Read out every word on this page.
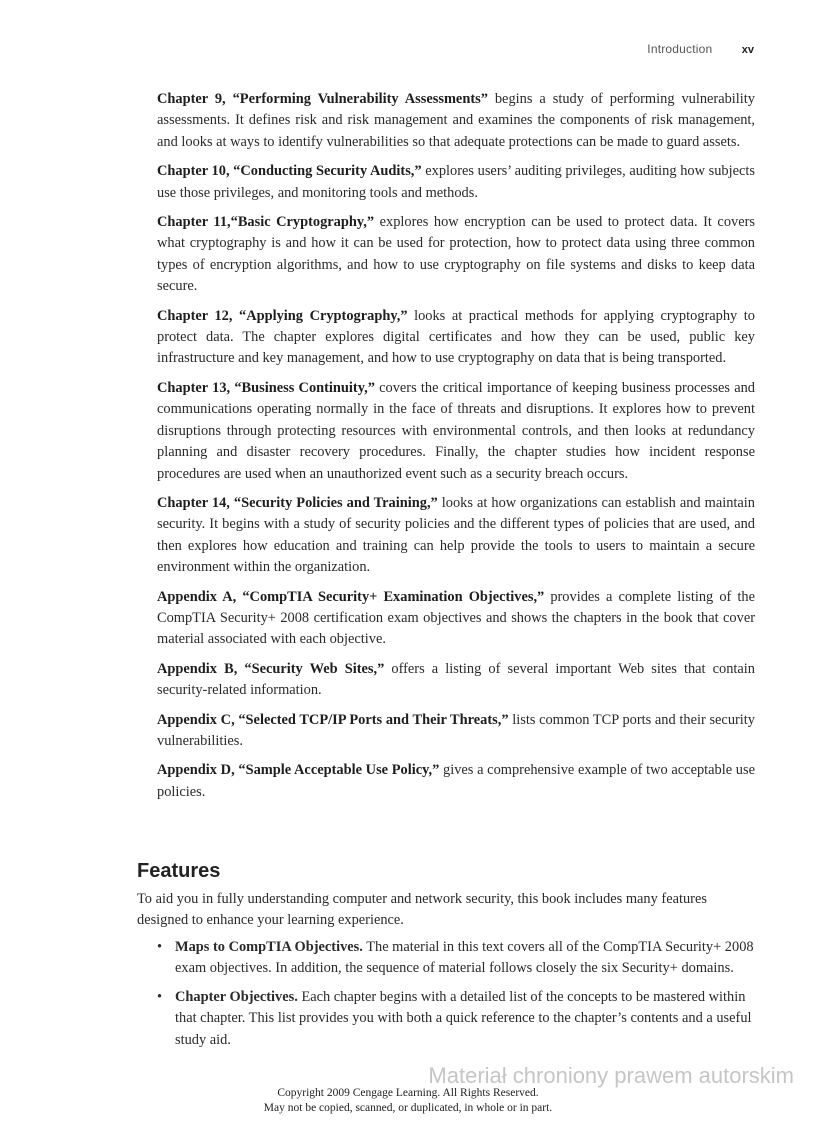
Introduction	xv

Chapter 9, “Performing Vulnerability Assessments” begins a study of performing vulnerability assessments. It defines risk and risk management and examines the components of risk management, and looks at ways to identify vulnerabilities so that adequate protections can be made to guard assets.

Chapter 10, “Conducting Security Audits,” explores users’ auditing privileges, auditing how subjects use those privileges, and monitoring tools and methods.

Chapter 11,“Basic Cryptography,” explores how encryption can be used to protect data. It covers what cryptography is and how it can be used for protection, how to protect data using three common types of encryption algorithms, and how to use cryptography on file systems and disks to keep data secure.

Chapter 12, “Applying Cryptography,” looks at practical methods for applying cryptography to protect data. The chapter explores digital certificates and how they can be used, public key infrastructure and key management, and how to use cryptography on data that is being transported.

Chapter 13, “Business Continuity,” covers the critical importance of keeping business processes and communications operating normally in the face of threats and disruptions. It explores how to prevent disruptions through protecting resources with environmental controls, and then looks at redundancy planning and disaster recovery procedures. Finally, the chapter studies how incident response procedures are used when an unauthorized event such as a security breach occurs.

Chapter 14, “Security Policies and Training,” looks at how organizations can establish and maintain security. It begins with a study of security policies and the different types of policies that are used, and then explores how education and training can help provide the tools to users to maintain a secure environment within the organization.

Appendix A, “CompTIA Security+ Examination Objectives,” provides a complete listing of the CompTIA Security+ 2008 certification exam objectives and shows the chapters in the book that cover material associated with each objective.

Appendix B, “Security Web Sites,” offers a listing of several important Web sites that contain security-related information.

Appendix C, “Selected TCP/IP Ports and Their Threats,” lists common TCP ports and their security vulnerabilities.

Appendix D, “Sample Acceptable Use Policy,” gives a comprehensive example of two acceptable use policies.

Features

To aid you in fully understanding computer and network security, this book includes many features designed to enhance your learning experience.

• Maps to CompTIA Objectives. The material in this text covers all of the CompTIA Security+ 2008 exam objectives. In addition, the sequence of material follows closely the six Security+ domains.
• Chapter Objectives. Each chapter begins with a detailed list of the concepts to be mastered within that chapter. This list provides you with both a quick reference to the chapter’s contents and a useful study aid.
Materiał chroniony prawem autorskim
Copyright 2009 Cengage Learning. All Rights Reserved.
May not be copied, scanned, or duplicated, in whole or in part.
